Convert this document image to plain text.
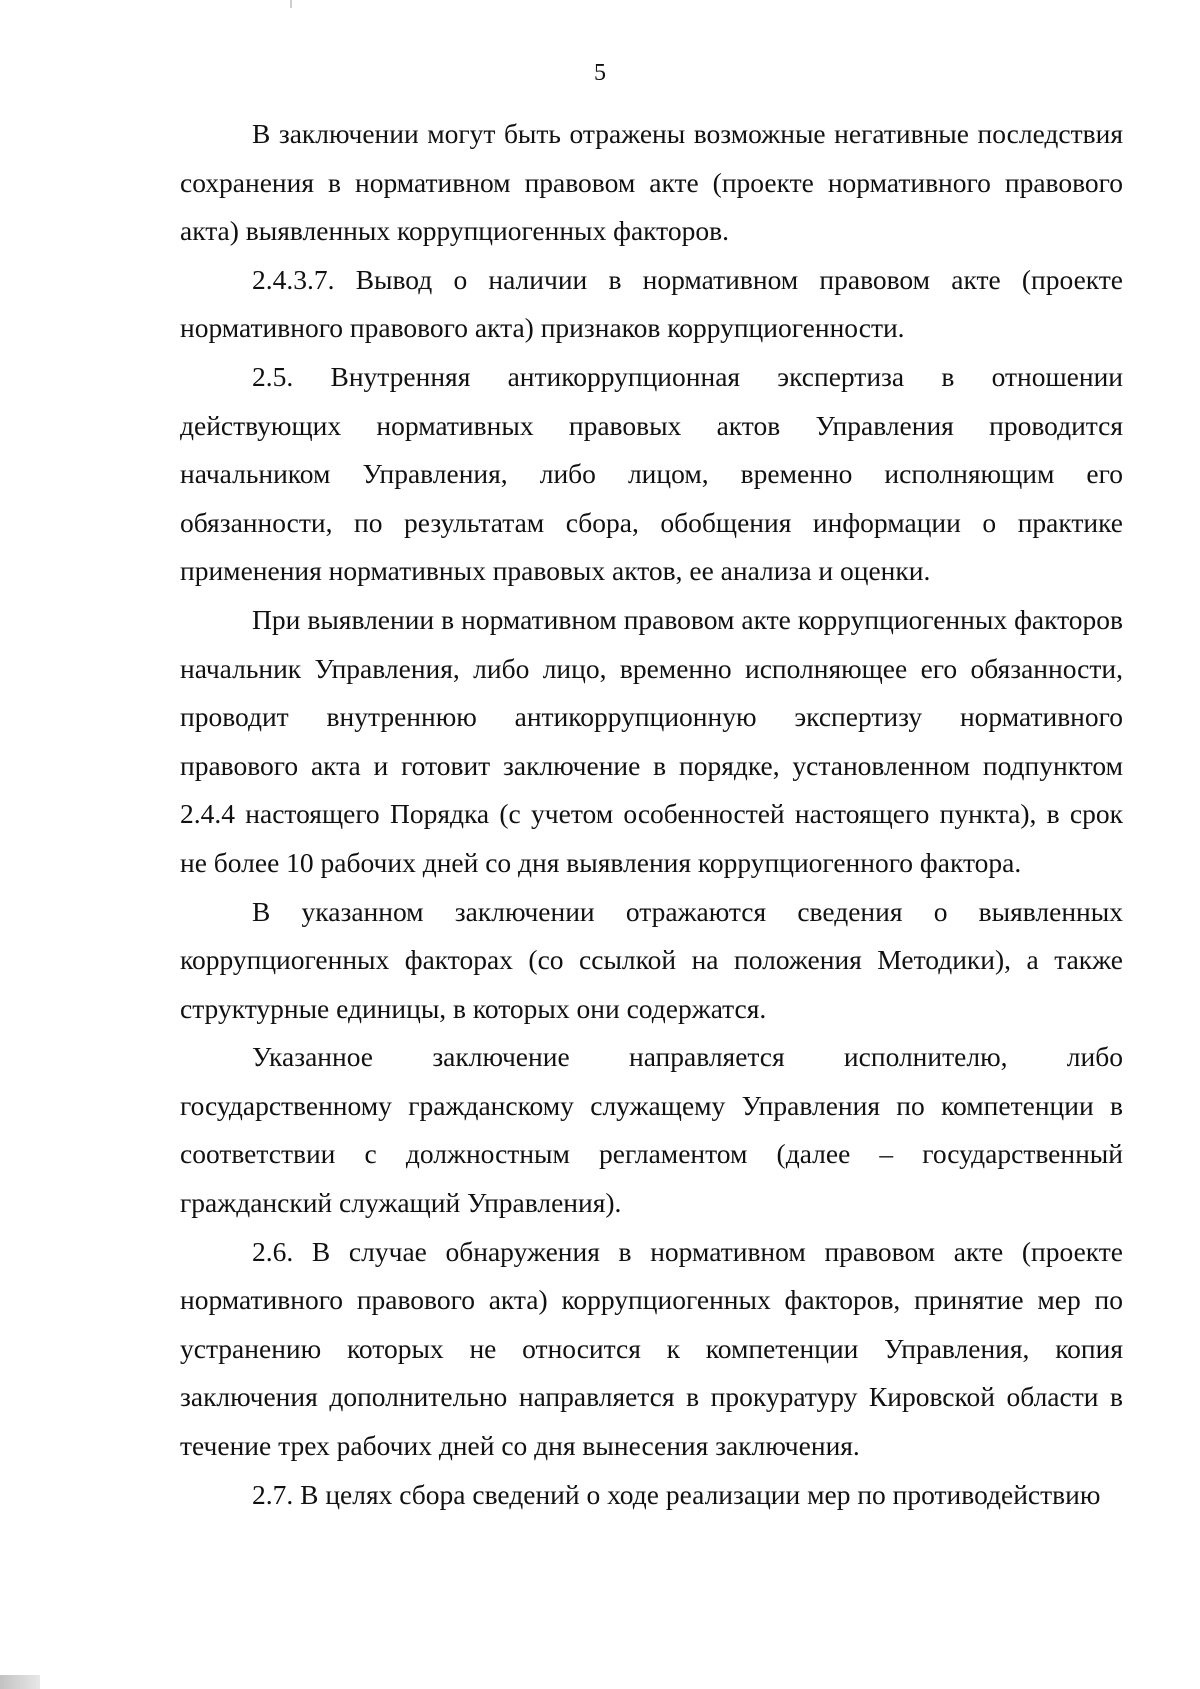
5

В заключении могут быть отражены возможные негативные последствия сохранения в нормативном правовом акте (проекте нормативного правового акта) выявленных коррупциогенных факторов.

2.4.3.7. Вывод о наличии в нормативном правовом акте (проекте нормативного правового акта) признаков коррупциогенности.

2.5. Внутренняя антикоррупционная экспертиза в отношении действующих нормативных правовых актов Управления проводится начальником Управления, либо лицом, временно исполняющим его обязанности, по результатам сбора, обобщения информации о практике применения нормативных правовых актов, ее анализа и оценки.

При выявлении в нормативном правовом акте коррупциогенных факторов начальник Управления, либо лицо, временно исполняющее его обязанности, проводит внутреннюю антикоррупционную экспертизу нормативного правового акта и готовит заключение в порядке, установленном подпунктом 2.4.4 настоящего Порядка (с учетом особенностей настоящего пункта), в срок не более 10 рабочих дней со дня выявления коррупциогенного фактора.

В указанном заключении отражаются сведения о выявленных коррупциогенных факторах (со ссылкой на положения Методики), а также структурные единицы, в которых они содержатся.

Указанное заключение направляется исполнителю, либо государственному гражданскому служащему Управления по компетенции в соответствии с должностным регламентом (далее – государственный гражданский служащий Управления).

2.6. В случае обнаружения в нормативном правовом акте (проекте нормативного правового акта) коррупциогенных факторов, принятие мер по устранению которых не относится к компетенции Управления, копия заключения дополнительно направляется в прокуратуру Кировской области в течение трех рабочих дней со дня вынесения заключения.

2.7. В целях сбора сведений о ходе реализации мер по противодействию
